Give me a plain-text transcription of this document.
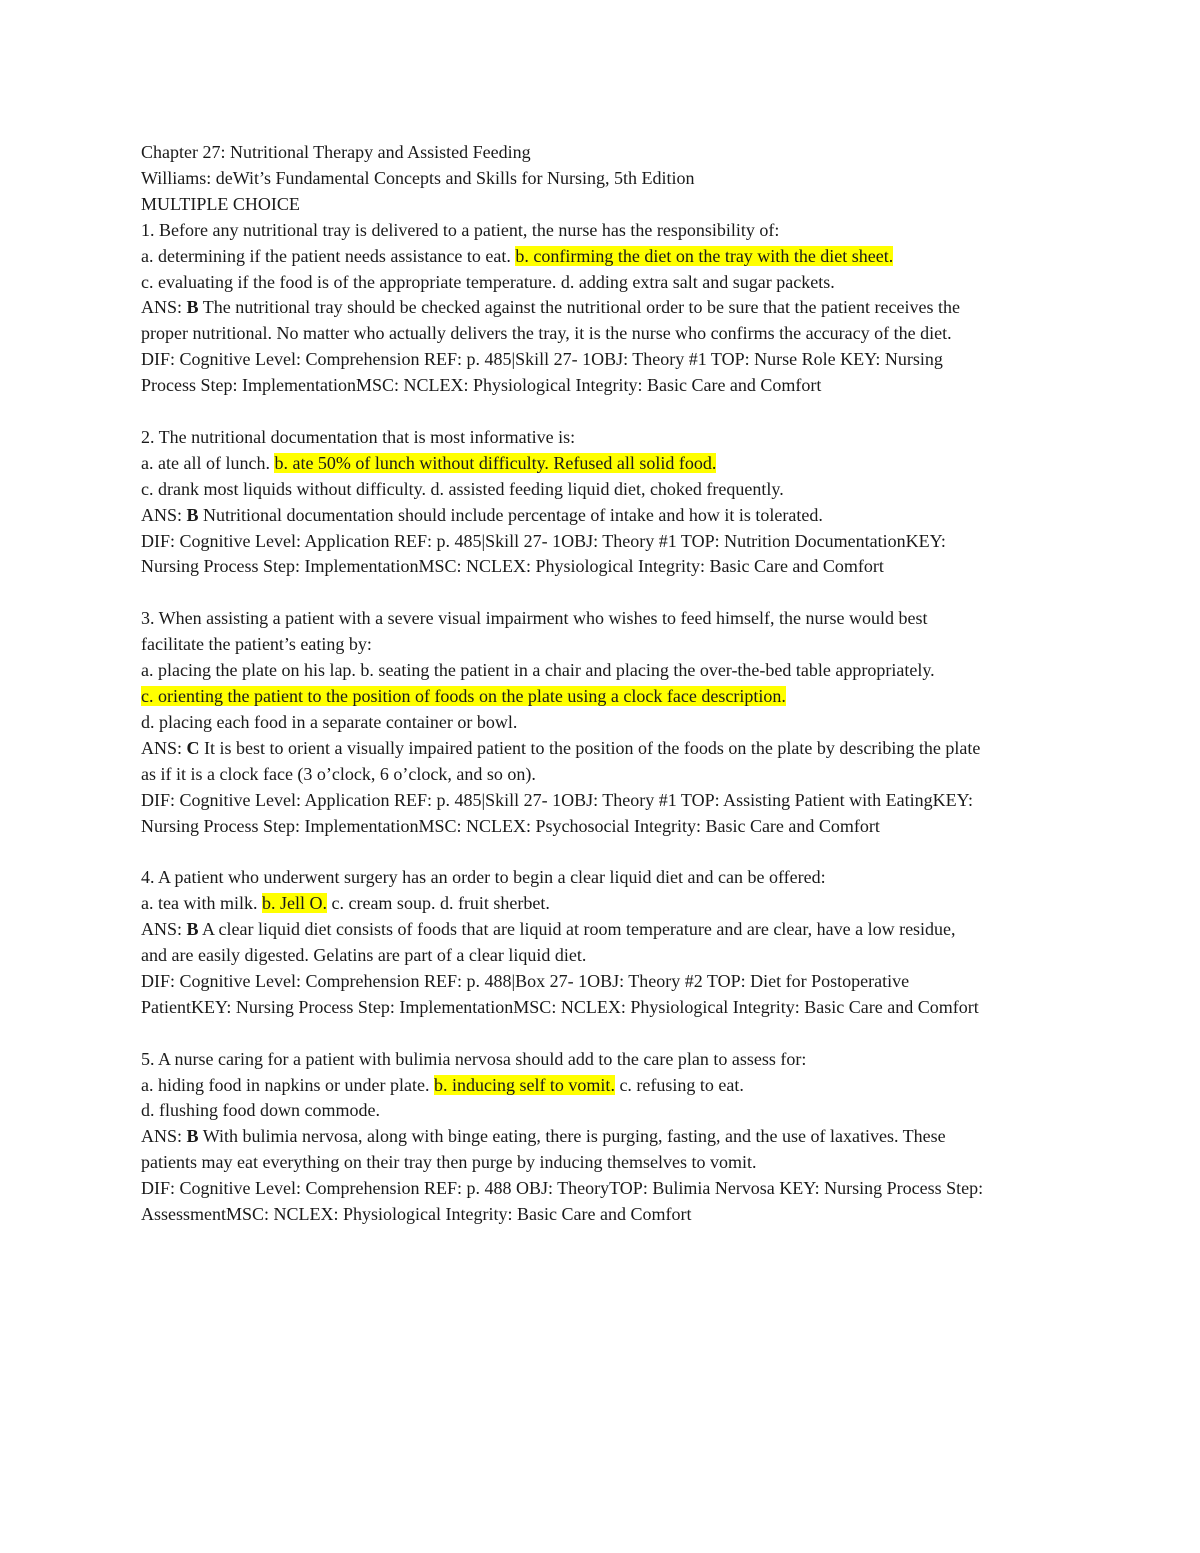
Chapter 27: Nutritional Therapy and Assisted Feeding
Williams: deWit’s Fundamental Concepts and Skills for Nursing, 5th Edition
MULTIPLE CHOICE
1. Before any nutritional tray is delivered to a patient, the nurse has the responsibility of:
a. determining if the patient needs assistance to eat. b. confirming the diet on the tray with the diet sheet.
c. evaluating if the food is of the appropriate temperature. d. adding extra salt and sugar packets.
ANS: B The nutritional tray should be checked against the nutritional order to be sure that the patient receives the
proper nutritional. No matter who actually delivers the tray, it is the nurse who confirms the accuracy of the diet.
DIF: Cognitive Level: Comprehension REF: p. 485|Skill 27- 1OBJ: Theory #1 TOP: Nurse Role KEY: Nursing
Process Step: ImplementationMSC: NCLEX: Physiological Integrity: Basic Care and Comfort
2. The nutritional documentation that is most informative is:
a. ate all of lunch. b. ate 50% of lunch without difficulty. Refused all solid food.
c. drank most liquids without difficulty. d. assisted feeding liquid diet, choked frequently.
ANS: B Nutritional documentation should include percentage of intake and how it is tolerated.
DIF: Cognitive Level: Application REF: p. 485|Skill 27- 1OBJ: Theory #1 TOP: Nutrition DocumentationKEY:
Nursing Process Step: ImplementationMSC: NCLEX: Physiological Integrity: Basic Care and Comfort
3. When assisting a patient with a severe visual impairment who wishes to feed himself, the nurse would best
facilitate the patient’s eating by:
a. placing the plate on his lap. b. seating the patient in a chair and placing the over-the-bed table appropriately.
c. orienting the patient to the position of foods on the plate using a clock face description.
d. placing each food in a separate container or bowl.
ANS: C It is best to orient a visually impaired patient to the position of the foods on the plate by describing the plate
as if it is a clock face (3 o’clock, 6 o’clock, and so on).
DIF: Cognitive Level: Application REF: p. 485|Skill 27- 1OBJ: Theory #1 TOP: Assisting Patient with EatingKEY:
Nursing Process Step: ImplementationMSC: NCLEX: Psychosocial Integrity: Basic Care and Comfort
4. A patient who underwent surgery has an order to begin a clear liquid diet and can be offered:
a. tea with milk. b. Jell O. c. cream soup. d. fruit sherbet.
ANS: B A clear liquid diet consists of foods that are liquid at room temperature and are clear, have a low residue,
and are easily digested. Gelatins are part of a clear liquid diet.
DIF: Cognitive Level: Comprehension REF: p. 488|Box 27- 1OBJ: Theory #2 TOP: Diet for Postoperative
PatientKEY: Nursing Process Step: ImplementationMSC: NCLEX: Physiological Integrity: Basic Care and Comfort
5. A nurse caring for a patient with bulimia nervosa should add to the care plan to assess for:
a. hiding food in napkins or under plate. b. inducing self to vomit. c. refusing to eat.
d. flushing food down commode.
ANS: B With bulimia nervosa, along with binge eating, there is purging, fasting, and the use of laxatives. These
patients may eat everything on their tray then purge by inducing themselves to vomit.
DIF: Cognitive Level: Comprehension REF: p. 488 OBJ: TheoryTOP: Bulimia Nervosa KEY: Nursing Process Step:
AssessmentMSC: NCLEX: Physiological Integrity: Basic Care and Comfort
